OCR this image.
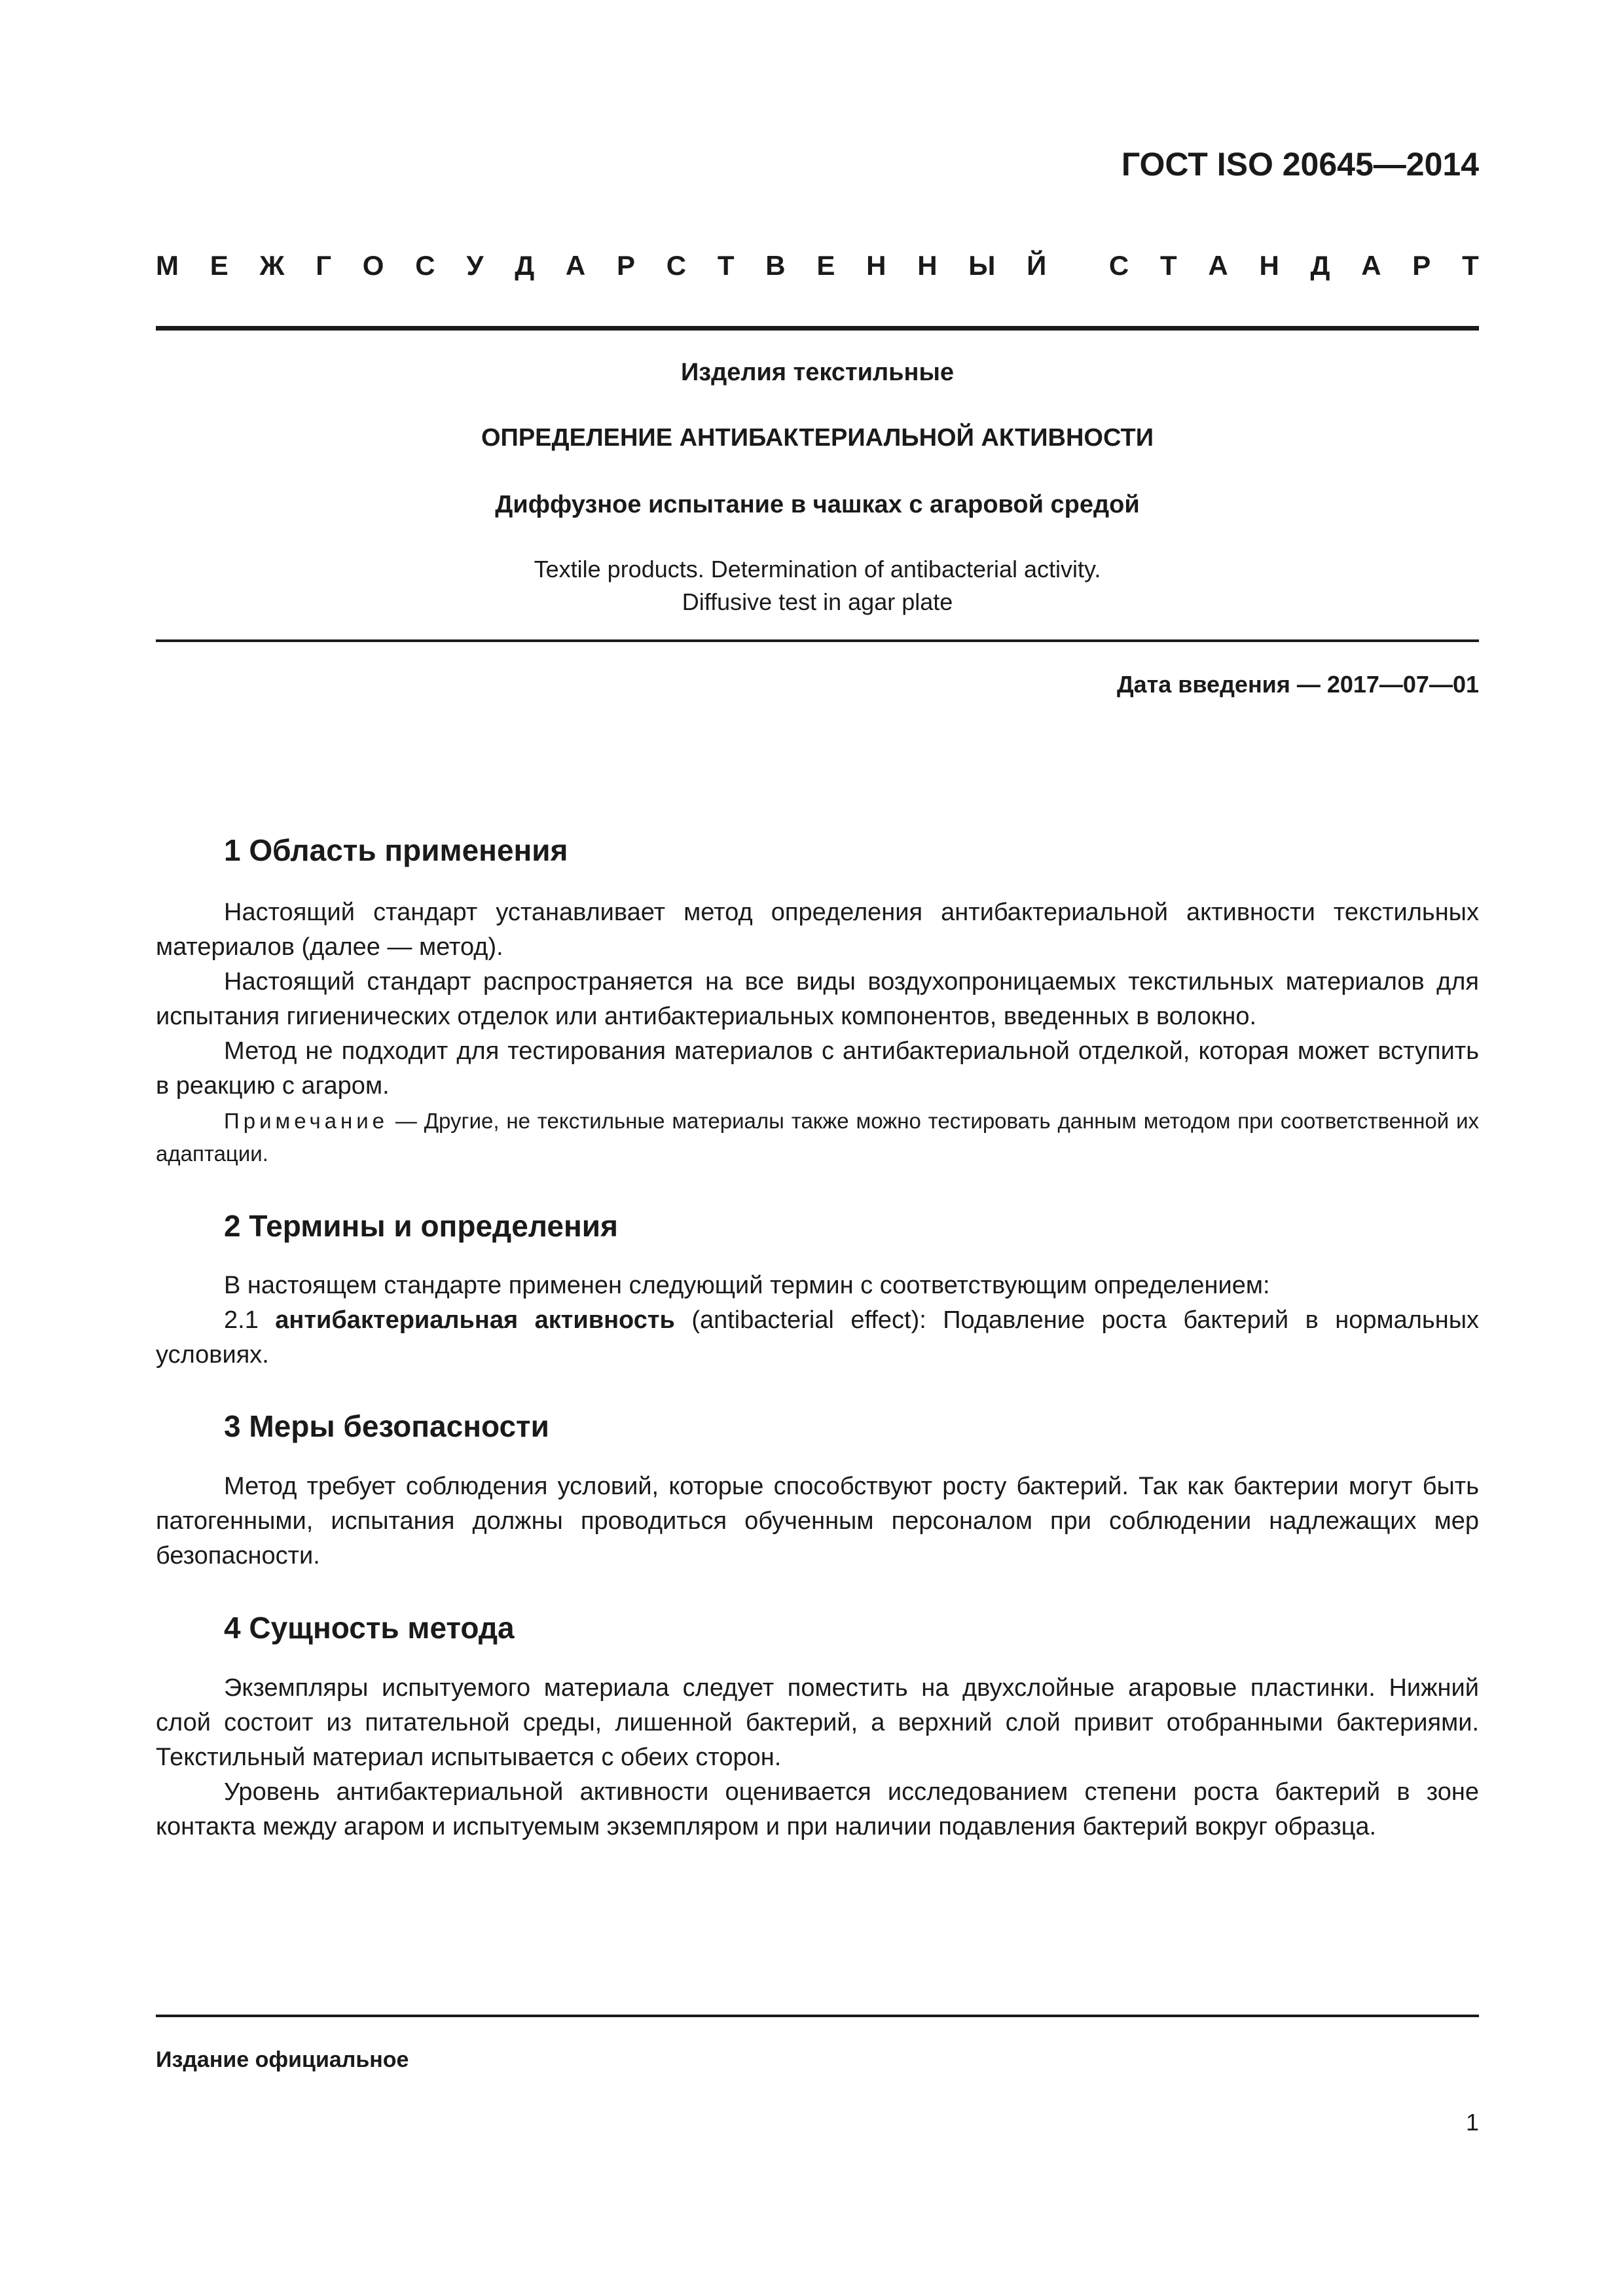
ГОСТ ISO 20645—2014
М Е Ж Г О С У Д А Р С Т В Е Н Н Ы Й С Т А Н Д А Р Т
Изделия текстильные
ОПРЕДЕЛЕНИЕ АНТИБАКТЕРИАЛЬНОЙ АКТИВНОСТИ
Диффузное испытание в чашках с агаровой средой
Textile products. Determination of antibacterial activity.
Diffusive test in agar plate
Дата введения — 2017—07—01
1 Область применения
Настоящий стандарт устанавливает метод определения антибактериальной активности текстильных материалов (далее — метод).
Настоящий стандарт распространяется на все виды воздухопроницаемых текстильных материалов для испытания гигиенических отделок или антибактериальных компонентов, введенных в волокно.
Метод не подходит для тестирования материалов с антибактериальной отделкой, которая может вступить в реакцию с агаром.
Примечание — Другие, не текстильные материалы также можно тестировать данным методом при соответственной их адаптации.
2 Термины и определения
В настоящем стандарте применен следующий термин с соответствующим определением:
2.1 антибактериальная активность (antibacterial effect): Подавление роста бактерий в нормальных условиях.
3 Меры безопасности
Метод требует соблюдения условий, которые способствуют росту бактерий. Так как бактерии могут быть патогенными, испытания должны проводиться обученным персоналом при соблюдении надлежащих мер безопасности.
4 Сущность метода
Экземпляры испытуемого материала следует поместить на двухслойные агаровые пластинки. Нижний слой состоит из питательной среды, лишенной бактерий, а верхний слой привит отобранными бактериями. Текстильный материал испытывается с обеих сторон.
Уровень антибактериальной активности оценивается исследованием степени роста бактерий в зоне контакта между агаром и испытуемым экземпляром и при наличии подавления бактерий вокруг образца.
Издание официальное
1
